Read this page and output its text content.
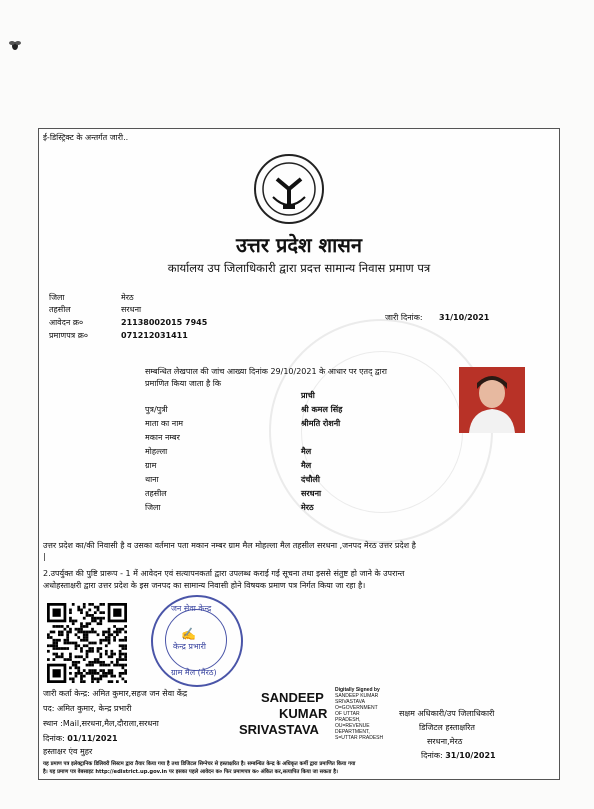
ई-डिस्ट्रिक्ट के अन्तर्गत जारी..
उत्तर प्रदेश शासन
कार्यालय उप जिलाधिकारी द्वारा प्रदत्त सामान्य निवास प्रमाण पत्र
जिला	मेरठ
तहसील	सरधना
आवेदन क्र०	21138002015 7945
प्रमाणपत्र क्र०	071212031411
जारी दिनांक: 31/10/2021
सम्बन्धित लेखपाल की जांच आख्या दिनांक 29/10/2021 के आधार पर एतद् द्वारा
प्रमाणित किया जाता है कि
प्राची
पुत्र/पुत्री	श्री कमल सिंह
माता का नाम	श्रीमति रोशनी
मकान नम्बर
मोहल्ला	मैल
ग्राम	मैल
थाना	दंचौली
तहसील	सरधना
जिला	मेरठ
उत्तर प्रदेश का/की निवासी है व उसका वर्तमान पता मकान नम्बर ग्राम मैल मोहल्ला मैल तहसील सरधना ,जनपद मेरठ उत्तर प्रदेश है
|
2.उपर्युक्त की पुष्टि प्रारूप - 1 में आवेदन एवं सत्यापनकर्ता द्वारा उपलब्ध कराई गई सूचना तथा इससे संतुष्ट हो जाने के उपरान्त
अधोहस्ताक्षरी द्वारा उत्तर प्रदेश के इस जनपद का सामान्य निवासी होने विषयक प्रमाण पत्र निर्गत किया जा रहा है।
जन सेवा केन्द्र
✍
केन्द्र प्रभारी
ग्राम मैल (मेरठ)
जारी कर्ता केन्द्र: अमित कुमार,सहज जन सेवा केंद्र
पद: अमित कुमार, केन्द्र प्रभारी
स्थान :Mail,सरधना,मैल,दौराला,सरधना
दिनांक: 01/11/2021
हस्ताक्षर एंव मुहर
SANDEEP
KUMAR
SRIVASTAVA
Digitally Signed by
SANDEEP KUMAR
SRIVASTAVA
O=GOVERNMENT
OF UTTAR
PRADESH,
OU=REVENUE
DEPARTMENT,
S=UTTAR PRADESH
सक्षम अधिकारी/उप जिलाधिकारी
डिजिटल हस्ताक्षरित
सरधना,मेरठ
दिनांक: 31/10/2021
यह प्रमाण पत्र इलेक्ट्रानिक डिलिवरी सिस्टम द्वारा तैयार किया गया है तथा डिजिटल सिग्नेचर से हस्ताक्षरित है। सम्बन्धित केन्द्र के अधिकृत कर्मी द्वारा प्रमाणित किया गया
है। यह प्रमाण पत्र वेबसाइट http://edistrict.up.gov.in पर इसका पहले आवेदन क० फिर प्रमाणपत्र क० अंकित कर,सत्यापित किया जा सकता है।
